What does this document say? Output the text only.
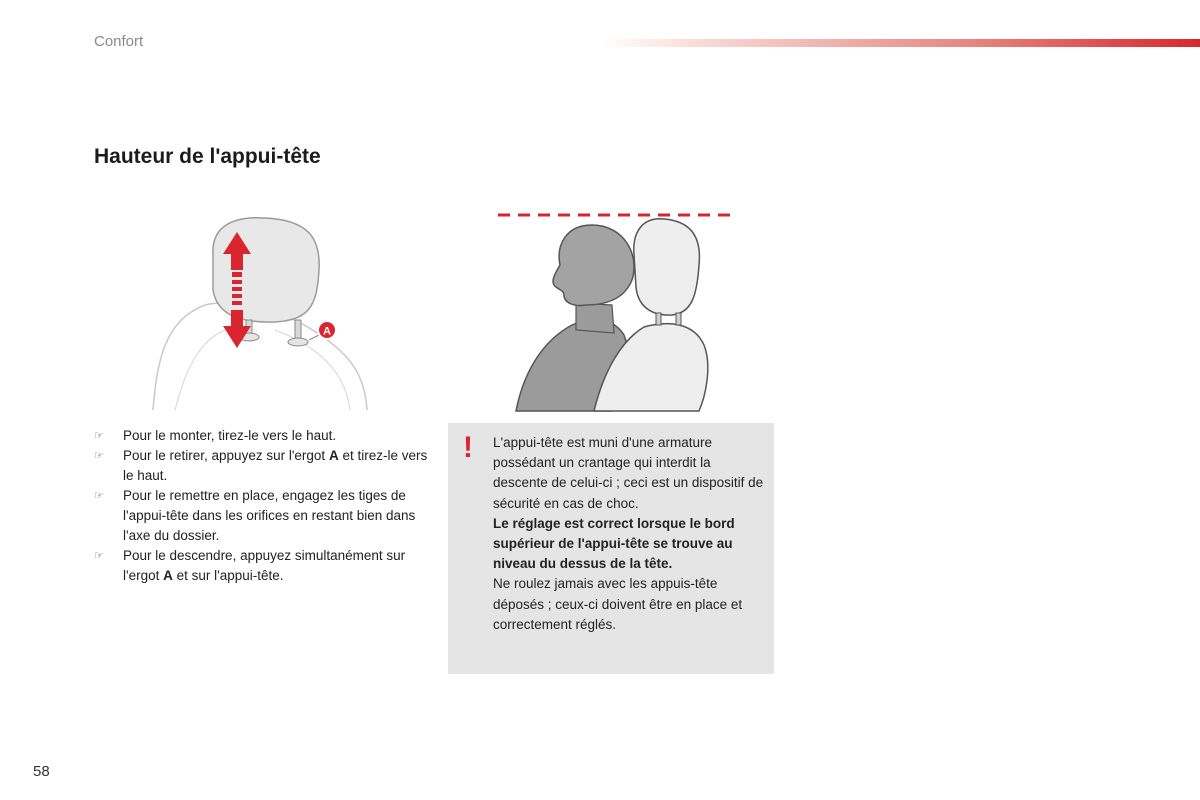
Confort
Hauteur de l'appui-tête
A
☞	Pour le monter, tirez-le vers le haut.
☞	Pour le retirer, appuyez sur l'ergot A et tirez-le vers le haut.
☞	Pour le remettre en place, engagez les tiges de l'appui-tête dans les orifices en restant bien dans l'axe du dossier.
☞	Pour le descendre, appuyez simultanément sur l'ergot A et sur l'appui-tête.
! L'appui-tête est muni d'une armature possédant un crantage qui interdit la descente de celui-ci ; ceci est un dispositif de sécurité en cas de choc.

Le réglage est correct lorsque le bord supérieur de l'appui-tête se trouve au niveau du dessus de la tête.

Ne roulez jamais avec les appuis-tête déposés ; ceux-ci doivent être en place et correctement réglés.

58
